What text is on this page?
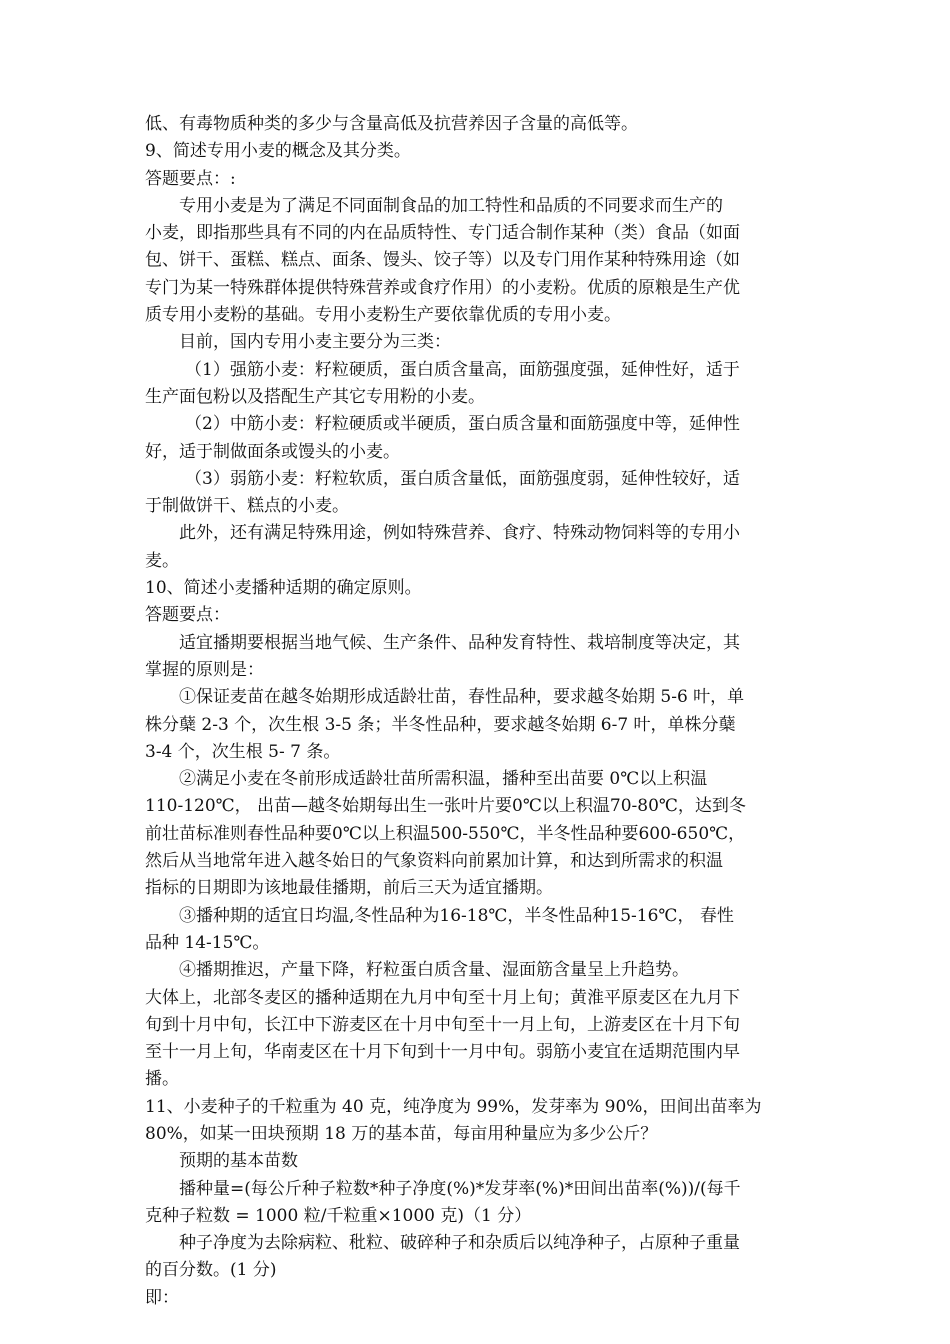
低、有毒物质种类的多少与含量高低及抗营养因子含量的高低等。
9、简述专用小麦的概念及其分类。
答题要点：:
专用小麦是为了满足不同面制食品的加工特性和品质的不同要求而生产的
小麦，即指那些具有不同的内在品质特性、专门适合制作某种（类）食品（如面
包、饼干、蛋糕、糕点、面条、馒头、饺子等）以及专门用作某种特殊用途（如
专门为某一特殊群体提供特殊营养或食疗作用）的小麦粉。优质的原粮是生产优
质专用小麦粉的基础。专用小麦粉生产要依靠优质的专用小麦。
目前，国内专用小麦主要分为三类：
（1）强筋小麦：籽粒硬质，蛋白质含量高，面筋强度强，延伸性好，适于
生产面包粉以及搭配生产其它专用粉的小麦。
（2）中筋小麦：籽粒硬质或半硬质，蛋白质含量和面筋强度中等，延伸性
好，适于制做面条或馒头的小麦。
（3）弱筋小麦：籽粒软质，蛋白质含量低，面筋强度弱，延伸性较好，适
于制做饼干、糕点的小麦。
此外，还有满足特殊用途，例如特殊营养、食疗、特殊动物饲料等的专用小
麦。
10、简述小麦播种适期的确定原则。
答题要点：
适宜播期要根据当地气候、生产条件、品种发育特性、栽培制度等决定，其
掌握的原则是：
①保证麦苗在越冬始期形成适龄壮苗，春性品种，要求越冬始期 5-6 叶，单
株分蘖 2-3 个，次生根 3-5 条；半冬性品种，要求越冬始期 6-7 叶，单株分蘖
3-4 个，次生根 5- 7 条。
②满足小麦在冬前形成适龄壮苗所需积温，播种至出苗要 0℃以上积温
110-120℃， 出苗—越冬始期每出生一张叶片要0℃以上积温70-80℃，达到冬
前壮苗标准则春性品种要0℃以上积温500-550℃，半冬性品种要600-650℃，
然后从当地常年进入越冬始日的气象资料向前累加计算，和达到所需求的积温
指标的日期即为该地最佳播期，前后三天为适宜播期。
③播种期的适宜日均温,冬性品种为16-18℃，半冬性品种15-16℃， 春性
品种 14-15℃。
④播期推迟，产量下降，籽粒蛋白质含量、湿面筋含量呈上升趋势。
大体上，北部冬麦区的播种适期在九月中旬至十月上旬；黄淮平原麦区在九月下
旬到十月中旬，长江中下游麦区在十月中旬至十一月上旬，上游麦区在十月下旬
至十一月上旬，华南麦区在十月下旬到十一月中旬。弱筋小麦宜在适期范围内早
播。
11、小麦种子的千粒重为 40 克，纯净度为 99%，发芽率为 90%，田间出苗率为
80%，如某一田块预期 18 万的基本苗，每亩用种量应为多少公斤？
预期的基本苗数
播种量=(每公斤种子粒数*种子净度(%)*发芽率(%)*田间出苗率(%))/(每千
克种子粒数 = 1000 粒/千粒重×1000 克)（1 分）
种子净度为去除病粒、秕粒、破碎种子和杂质后以纯净种子，占原种子重量
的百分数。(1 分)
即：
